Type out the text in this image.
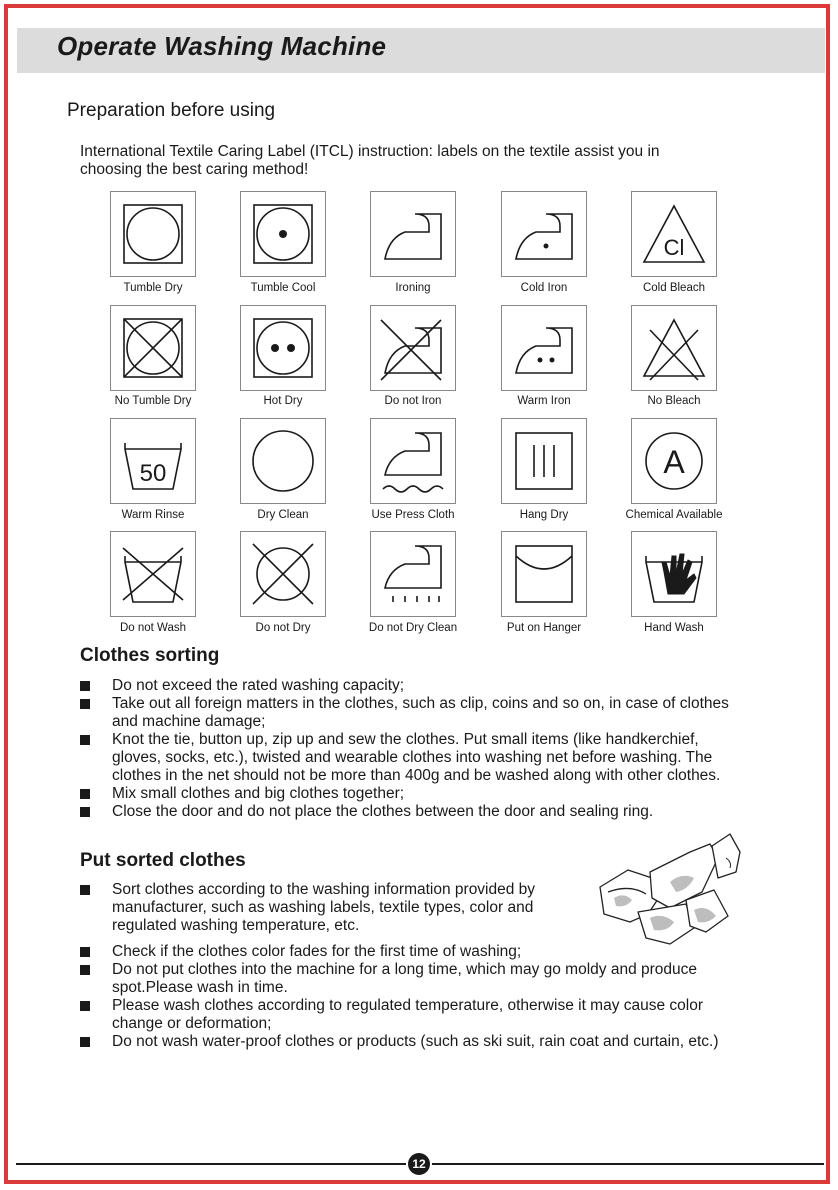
Operate Washing Machine
Preparation before using
International Textile Caring Label (ITCL) instruction: labels on the textile assist you in choosing the best caring method!
Tumble Dry	Tumble Cool	Ironing	Cold Iron
Cl
Cold Bleach
No Tumble Dry	Hot Dry	Do not Iron	Warm Iron	No Bleach
50
Warm Rinse	Dry Clean	Use Press Cloth	Hang Dry
A
Chemical Available
Do not Wash	Do not Dry	Do not Dry Clean	Put on Hanger	Hand Wash
Clothes sorting
Do not exceed the rated washing capacity;
Take out all foreign matters in the clothes, such as clip, coins and so on, in case of clothes and machine damage;
Knot the tie, button up, zip up and sew the clothes. Put small items (like handkerchief, gloves, socks, etc.), twisted and wearable clothes into washing net before washing. The clothes in the net should not be more than 400g and be washed along with other clothes.
Mix small clothes and big clothes together;
Close the door and do not place the clothes between the door and sealing ring.
Put sorted clothes
Sort clothes according to the washing information provided by manufacturer, such as washing labels, textile types, color and regulated washing temperature, etc.
Check if the clothes color fades for the first time of washing;
Do not put clothes into the machine for a long time, which may go moldy and produce spot.Please wash in time.
Please wash clothes according to regulated temperature, otherwise it may cause color change or deformation;
Do not wash water-proof clothes or products (such as ski suit, rain coat and curtain, etc.)
12
